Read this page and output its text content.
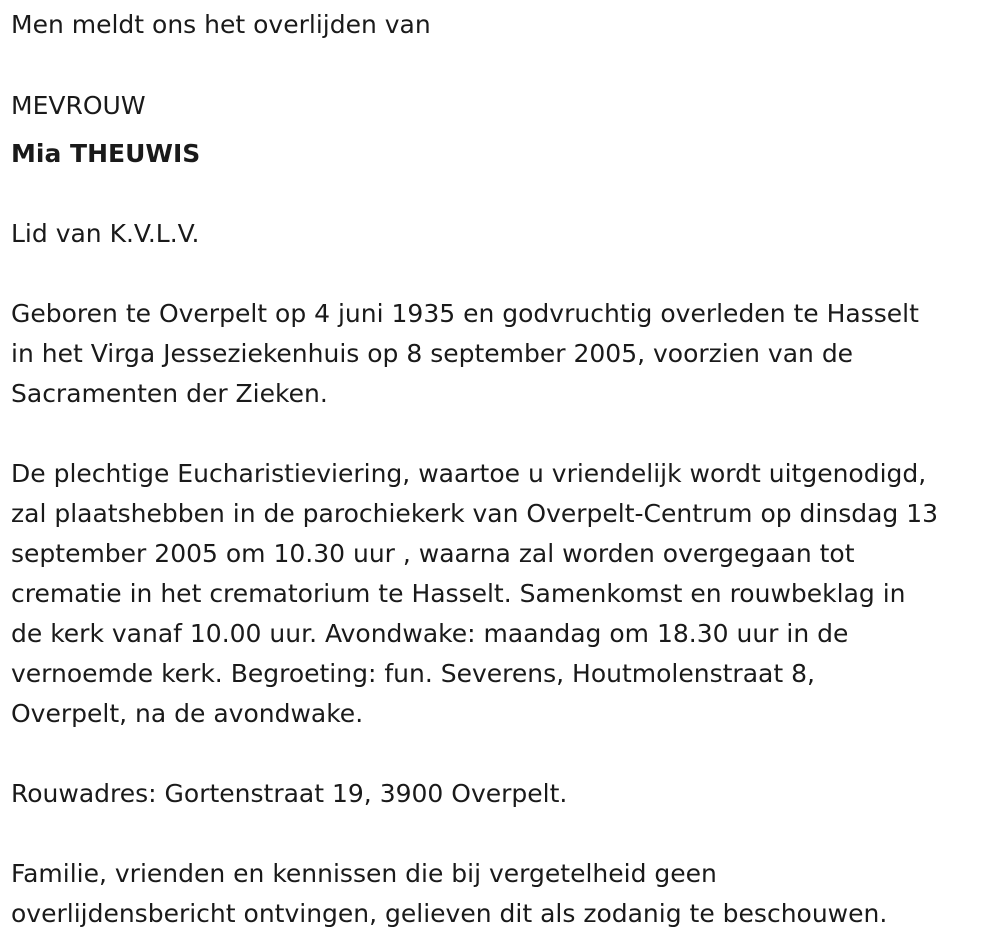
Men meldt ons het overlijden van

MEVROUW

Mia THEUWIS

Lid van K.V.L.V.

Geboren te Overpelt op 4 juni 1935 en godvruchtig overleden te Hasselt

in het Virga Jesseziekenhuis op 8 september 2005, voorzien van de

Sacramenten der Zieken.

De plechtige Eucharistieviering, waartoe u vriendelijk wordt uitgenodigd,

zal plaatshebben in de parochiekerk van Overpelt-Centrum op dinsdag 13

september 2005 om 10.30 uur , waarna zal worden overgegaan tot

crematie in het crematorium te Hasselt. Samenkomst en rouwbeklag in

de kerk vanaf 10.00 uur. Avondwake: maandag om 18.30 uur in de

vernoemde kerk. Begroeting: fun. Severens, Houtmolenstraat 8,

Overpelt, na de avondwake.

Rouwadres: Gortenstraat 19, 3900 Overpelt.

Familie, vrienden en kennissen die bij vergetelheid geen

overlijdensbericht ontvingen, gelieven dit als zodanig te beschouwen.
